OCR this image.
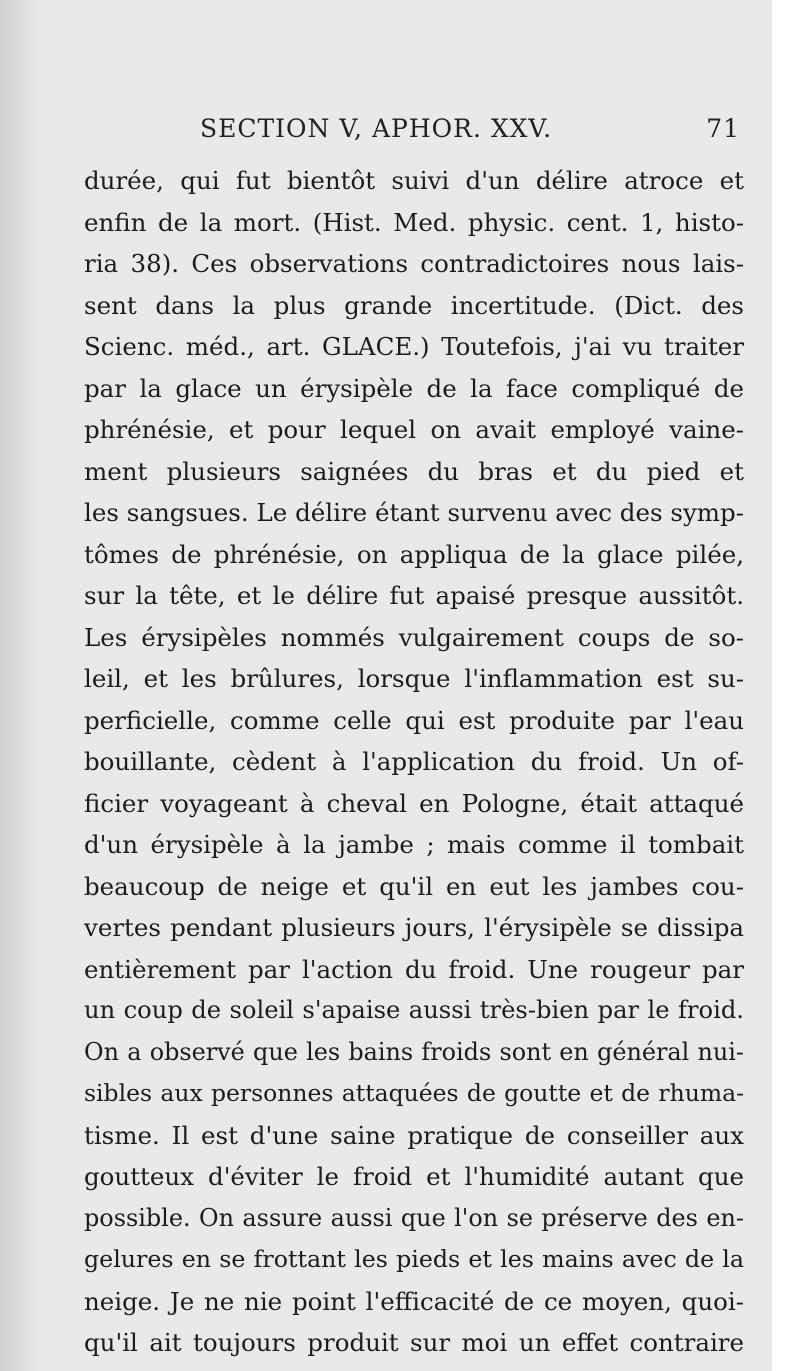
SECTION V, APHOR. XXV.	71
durée, qui fut bientôt suivi d'un délire atroce et
enfin de la mort. (Hist. Med. physic. cent. 1, histo-
ria 38). Ces observations contradictoires nous lais-
sent dans la plus grande incertitude. (Dict. des
Scienc. méd., art. GLACE.) Toutefois, j'ai vu traiter
par la glace un érysipèle de la face compliqué de
phrénésie, et pour lequel on avait employé vaine-
ment plusieurs saignées du bras et du pied et
les sangsues. Le délire étant survenu avec des symp-
tômes de phrénésie, on appliqua de la glace pilée,
sur la tête, et le délire fut apaisé presque aussitôt.
Les érysipèles nommés vulgairement coups de so-
leil, et les brûlures, lorsque l'inflammation est su-
perficielle, comme celle qui est produite par l'eau
bouillante, cèdent à l'application du froid. Un of-
ficier voyageant à cheval en Pologne, était attaqué
d'un érysipèle à la jambe ; mais comme il tombait
beaucoup de neige et qu'il en eut les jambes cou-
vertes pendant plusieurs jours, l'érysipèle se dissipa
entièrement par l'action du froid. Une rougeur par
un coup de soleil s'apaise aussi très-bien par le froid.
On a observé que les bains froids sont en général nui-
sibles aux personnes attaquées de goutte et de rhuma-
tisme. Il est d'une saine pratique de conseiller aux
goutteux d'éviter le froid et l'humidité autant que
possible. On assure aussi que l'on se préserve des en-
gelures en se frottant les pieds et les mains avec de la
neige. Je ne nie point l'efficacité de ce moyen, quoi-
qu'il ait toujours produit sur moi un effet contraire
